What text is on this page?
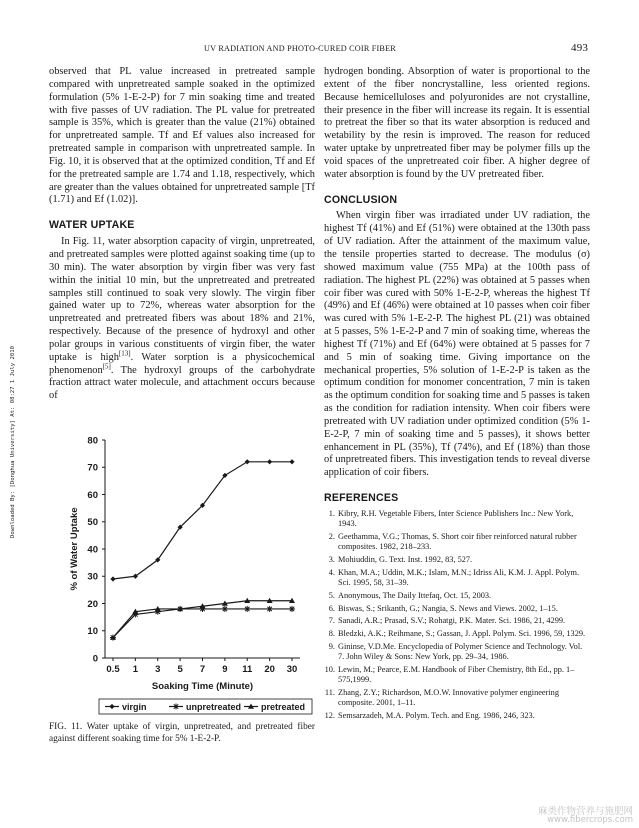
UV RADIATION AND PHOTO-CURED COIR FIBER	493
Downloaded By: [Donghua University] At: 08:27 1 July 2010

observed that PL value increased in pretreated sample compared with unpretreated sample soaked in the optimized formulation (5% 1-E-2-P) for 7 min soaking time and treated with five passes of UV radiation. The PL value for pretreated sample is 35%, which is greater than the value (21%) obtained for unpretreated sample. Tf and Ef values also increased for pretreated sample in comparison with unpretreated sample. In Fig. 10, it is observed that at the optimized condition, Tf and Ef for the pretreated sample are 1.74 and 1.18, respectively, which are greater than the values obtained for unpretreated sample [Tf (1.71) and Ef (1.02)].

WATER UPTAKE

In Fig. 11, water absorption capacity of virgin, unpretreated, and pretreated samples were plotted against soaking time (up to 30 min). The water absorption by virgin fiber was very fast within the initial 10 min, but the unpretreated and pretreated samples still continued to soak very slowly. The virgin fiber gained water up to 72%, whereas water absorption for the unpretreated and pretreated fibers was about 18% and 21%, respectively. Because of the presence of hydroxyl and other polar groups in various constituents of virgin fiber, the water uptake is high[13]. Water sorption is a physicochemical phenomenon[5]. The hydroxyl groups of the carbohydrate fraction attract water molecule, and attachment occurs because of

0
10
20
30
40
50
60
70
80
0.5 1 3 5 7 9 11 20 30
Soaking Time (Minute)
% of Water Uptake
virgin	unpretreated pretreated

FIG. 11. Water uptake of virgin, unpretreated, and pretreated fiber against different soaking time for 5% 1-E-2-P.

hydrogen bonding. Absorption of water is proportional to the extent of the fiber noncrystalline, less oriented regions. Because hemicelluloses and polyuronides are not crystalline, their presence in the fiber will increase its regain. It is essential to pretreat the fiber so that its water absorption is reduced and wetability by the resin is improved. The reason for reduced water uptake by unpretreated fiber may be polymer fills up the void spaces of the unpretreated coir fiber. A higher degree of water absorption is found by the UV pretreated fiber.

CONCLUSION

When virgin fiber was irradiated under UV radiation, the highest Tf (41%) and Ef (51%) were obtained at the 130th pass of UV radiation. After the attainment of the maximum value, the tensile properties started to decrease. The modulus (σ) showed maximum value (755 MPa) at the 100th pass of radiation. The highest PL (22%) was obtained at 5 passes when coir fiber was cured with 50% 1-E-2-P, whereas the highest Tf (49%) and Ef (46%) were obtained at 10 passes when coir fiber was cured with 5% 1-E-2-P. The highest PL (21) was obtained at 5 passes, 5% 1-E-2-P and 7 min of soaking time, whereas the highest Tf (71%) and Ef (64%) were obtained at 5 passes for 7 and 5 min of soaking time. Giving importance on the mechanical properties, 5% solution of 1-E-2-P is taken as the optimum condition for monomer concentration, 7 min is taken as the optimum condition for soaking time and 5 passes is taken as the condition for radiation intensity. When coir fibers were pretreated with UV radiation under optimized condition (5% 1-E-2-P, 7 min of soaking time and 5 passes), it shows better enhancement in PL (35%), Tf (74%), and Ef (18%) than those of unpretreated fibers. This investigation tends to reveal diverse application of coir fibers.

REFERENCES
1. Kibry, R.H. Vegetable Fibers, Inter Science Publishers Inc.: New York, 1943.
2. Geethamma, V.G.; Thomas, S. Short coir fiber reinforced natural rubber composites. 1982, 218–233.
3. Mohiuddin, G. Text. Inst. 1992, 83, 527.
4. Khan, M.A.; Uddin, M.K.; Islam, M.N.; Idriss Ali, K.M. J. Appl. Polym. Sci. 1995, 58, 31–39.
5. Anonymous, The Daily Ittefaq, Oct. 15, 2003.
6. Biswas, S.; Srikanth, G.; Nangia, S. News and Views. 2002, 1–15.
7. Sanadi, A.R.; Prasad, S.V.; Rohatgi, P.K. Mater. Sci. 1986, 21, 4299.
8. Bledzki, A.K.; Reihmane, S.; Gassan, J. Appl. Polym. Sci. 1996, 59, 1329.
9. Gininse, V.D.Me. Encyclopedia of Polymer Science and Technology. Vol. 7. John Wiley & Sons: New York, pp. 29–34, 1986.
10. Lewin, M.; Pearce, E.M. Handbook of Fiber Chemistry, 8th Ed., pp. 1–575,1999.
11. Zhang, Z.Y.; Richardson, M.O.W. Innovative polymer engineering composite. 2001, 1–11.
12. Semsarzadeh, M.A. Polym. Tech. and Eng. 1986, 246, 323.
麻类作物营养与施肥网
www.fibercrops.com
